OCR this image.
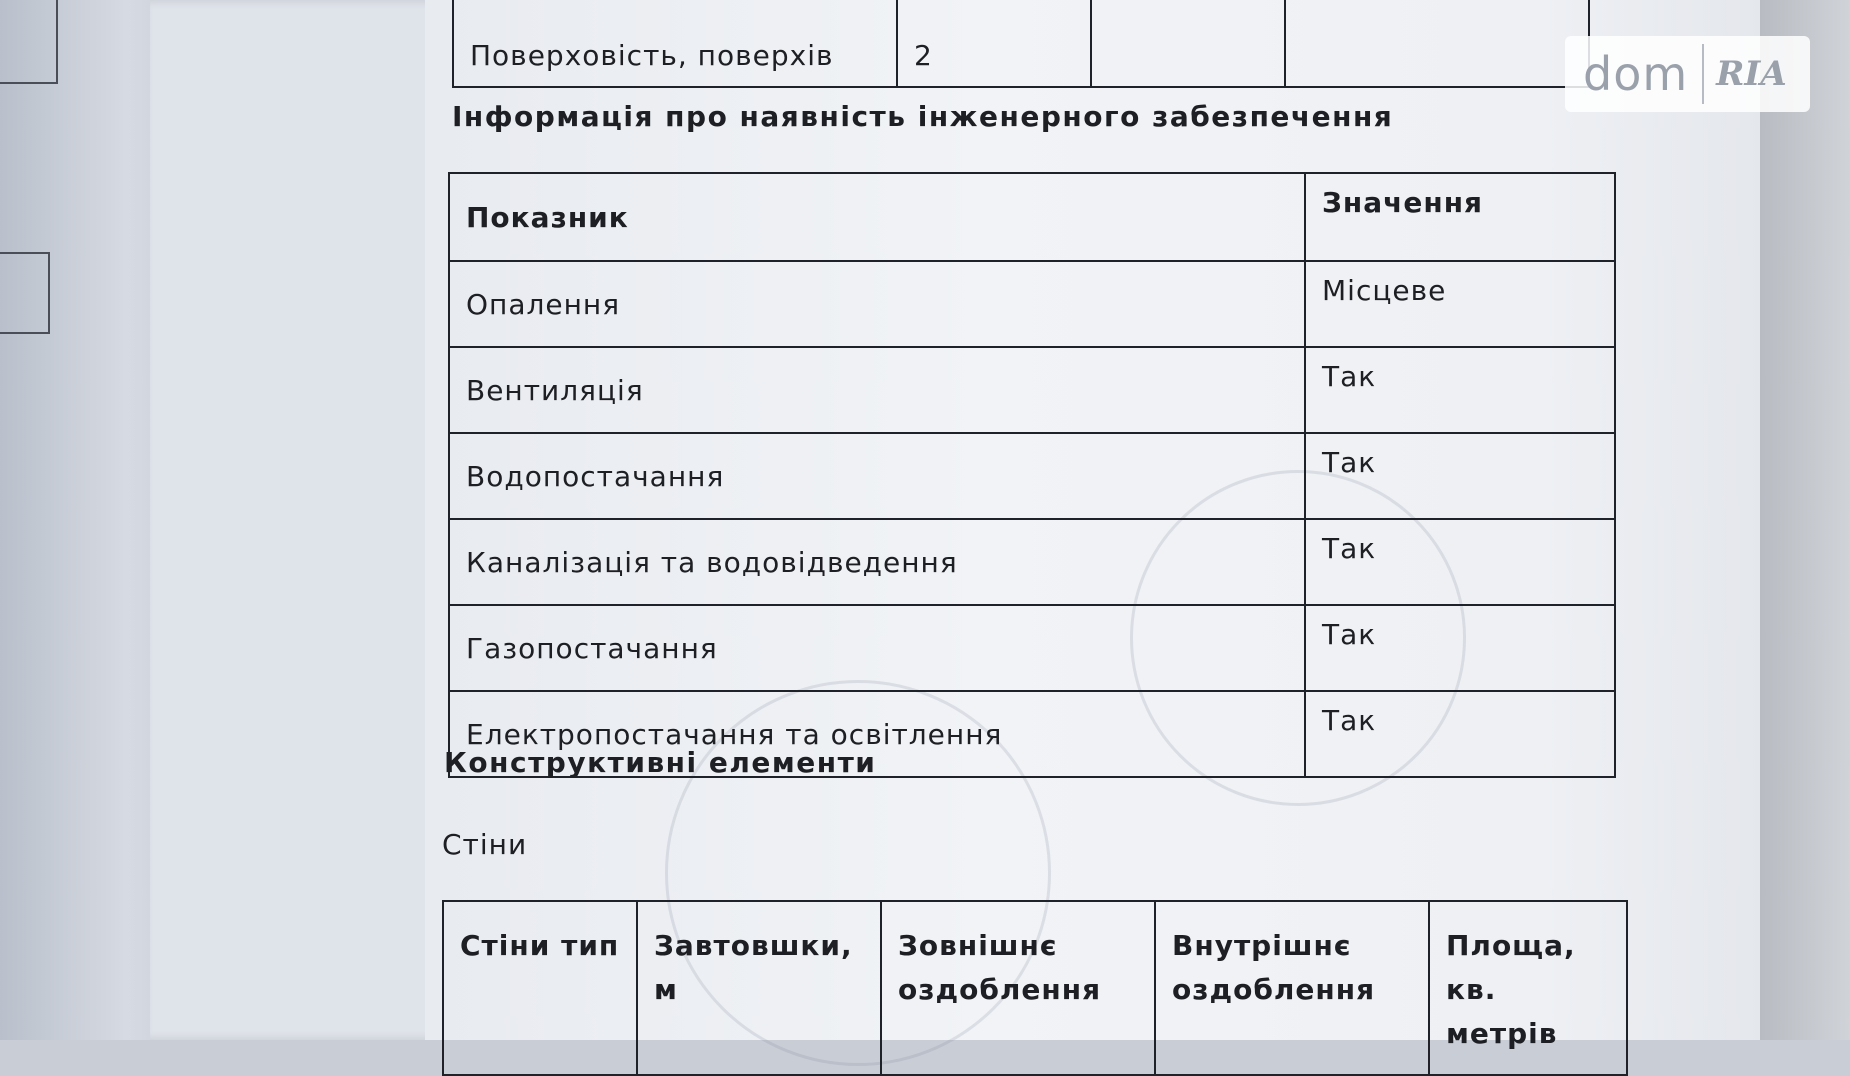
Поверховість, поверхів	2		
Інформація про наявність інженерного забезпечення
Показник	Значення
Опалення	Місцеве
Вентиляція	Так
Водопостачання	Так
Каналізація та водовідведення	Так
Газопостачання	Так
Електропостачання та освітлення	Так
Конструктивні елементи
Стіни
Стіни тип	Завтовшки, м	Зовнішнє оздоблення	Внутрішнє оздоблення	Площа, кв. метрів
dom RIA
